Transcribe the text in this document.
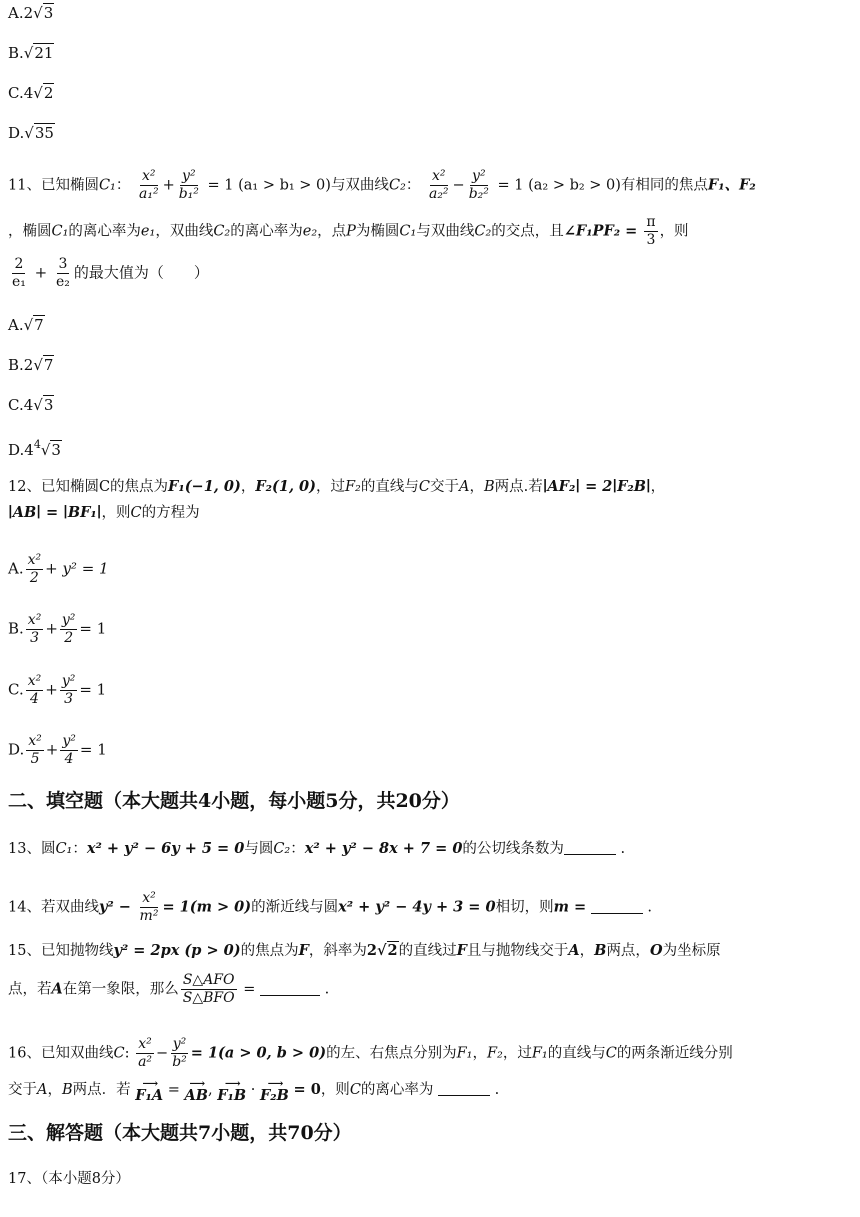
A.2√3
B.√21
C.4√2
D.√35
11、已知椭圆C₁： $\frac{\text{x²}}{\text{a₁²}} + \frac{\text{y²}}{\text{b₁²}} = 1$ (a₁ > b₁ > 0)与双曲线C₂： $\frac{\text{x²}}{\text{a₂²}} - \frac{\text{y²}}{\text{b₂²}} = 1$ (a₂ > b₂ > 0)有相同的焦点F₁、F₂
，椭圆C₁的离心率为e₁，双曲线C₂的离心率为e₂，点P为椭圆C₁与双曲线C₂的交点，且∠F₁PF₂ = $\frac{\pi}{3}$ ，则
$\frac{2}{\text{e₁}} + \frac{3}{\text{e₂}}$ 的最大值为（　　）
A.√7
B.2√7
C.4√3
$D.4^4√3$
12、已知椭圆C的焦点为F₁(−1, 0)，F₂(1, 0)，过F₂的直线与C交于A，B两点.若∣AF₂∣ = 2∣F₂B∣，
∣AB∣ = ∣BF₁∣，则C的方程为
A. $\frac{\text{x²}}{2} + y^2 = 1$
B. $\frac{\text{x²}}{3} + \frac{\text{y²}}{2} = 1$
C. $\frac{\text{x²}}{4} + \frac{\text{y²}}{3} = 1$
D. $\frac{\text{x²}}{5} + \frac{\text{y²}}{4} = 1$
二、填空题（本大题共4小题，每小题5分，共20分）
13、圆C₁：x² + y² − 6y + 5 = 0与圆C₂：x² + y² − 8x + 7 = 0的公切线条数为	.
14、若双曲线$y^2 - \frac{\text{x²}}{\text{m²}} = 1(m > 0)$的渐近线与圆x² + y² − 4y + 3 = 0相切，则m =	.
15、已知抛物线y² = 2px (p > 0)的焦点为F，斜率为2√2的直线过F且与抛物线交于A，B两点，O为坐标原
点，若A在第一象限，那么 $\frac{\text{S△AFO}}{\text{S△BFO}}$ =	.
16、已知双曲线C: $\frac{\text{x²}}{\text{a²}} - \frac{\text{y²}}{\text{b²}} = 1(a > 0$, b > 0)的左、右焦点分别为F₁，F₂，过F₁的直线与C的两条渐近线分别
交于A，B两点．若 ⟶
F₁A = ⟶
AB , ⟶
F₁B · ⟶
F₂B = 0，则C的离心率为	.
三、解答题（本大题共7小题，共70分）
17、（本小题8分）
